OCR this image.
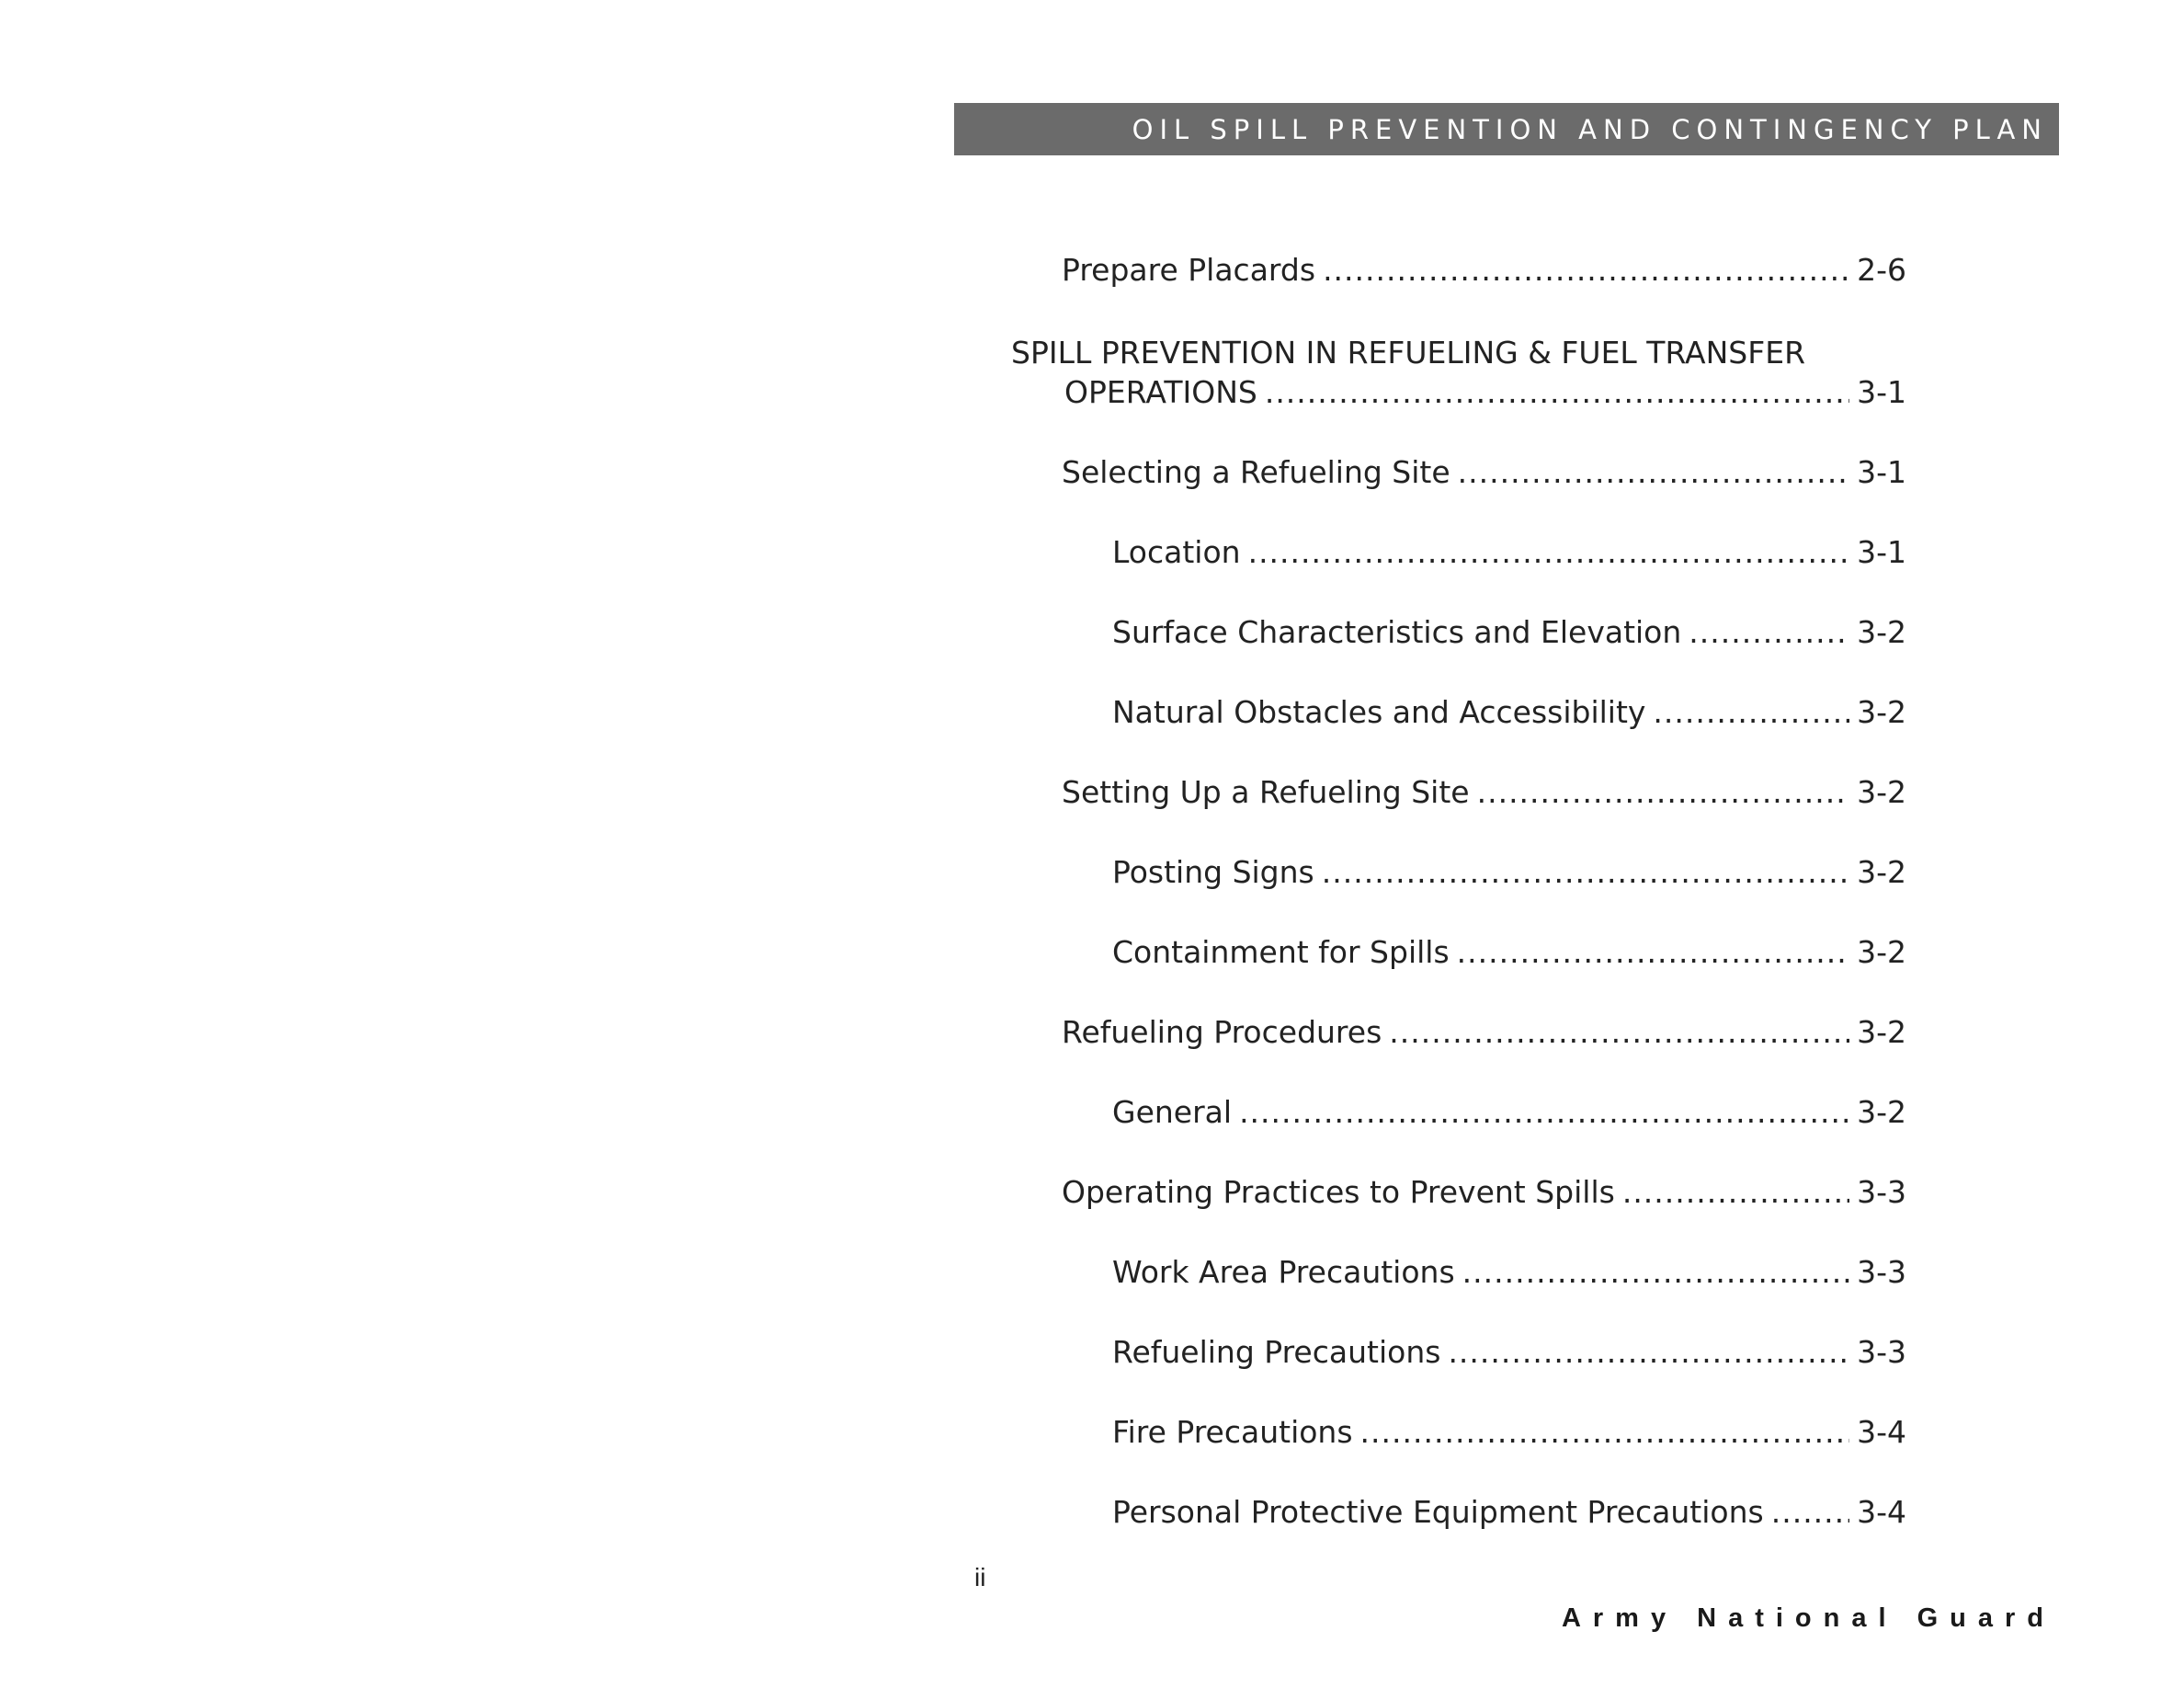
OIL SPILL PREVENTION AND CONTINGENCY PLAN
Prepare Placards .....	2-6
SPILL PREVENTION IN REFUELING & FUEL TRANSFER
OPERATIONS .....	3-1
Selecting a Refueling Site .....	3-1
Location .....	3-1
Surface Characteristics and Elevation .....	3-2
Natural Obstacles and Accessibility .....	3-2
Setting Up a Refueling Site .....	3-2
Posting Signs .....	3-2
Containment for Spills .....	3-2
Refueling Procedures .....	3-2
General .....	3-2
Operating Practices to Prevent Spills .....	3-3
Work Area Precautions .....	3-3
Refueling Precautions .....	3-3
Fire Precautions .....	3-4
Personal Protective Equipment Precautions .....	3-4
ii
Army National Guard
